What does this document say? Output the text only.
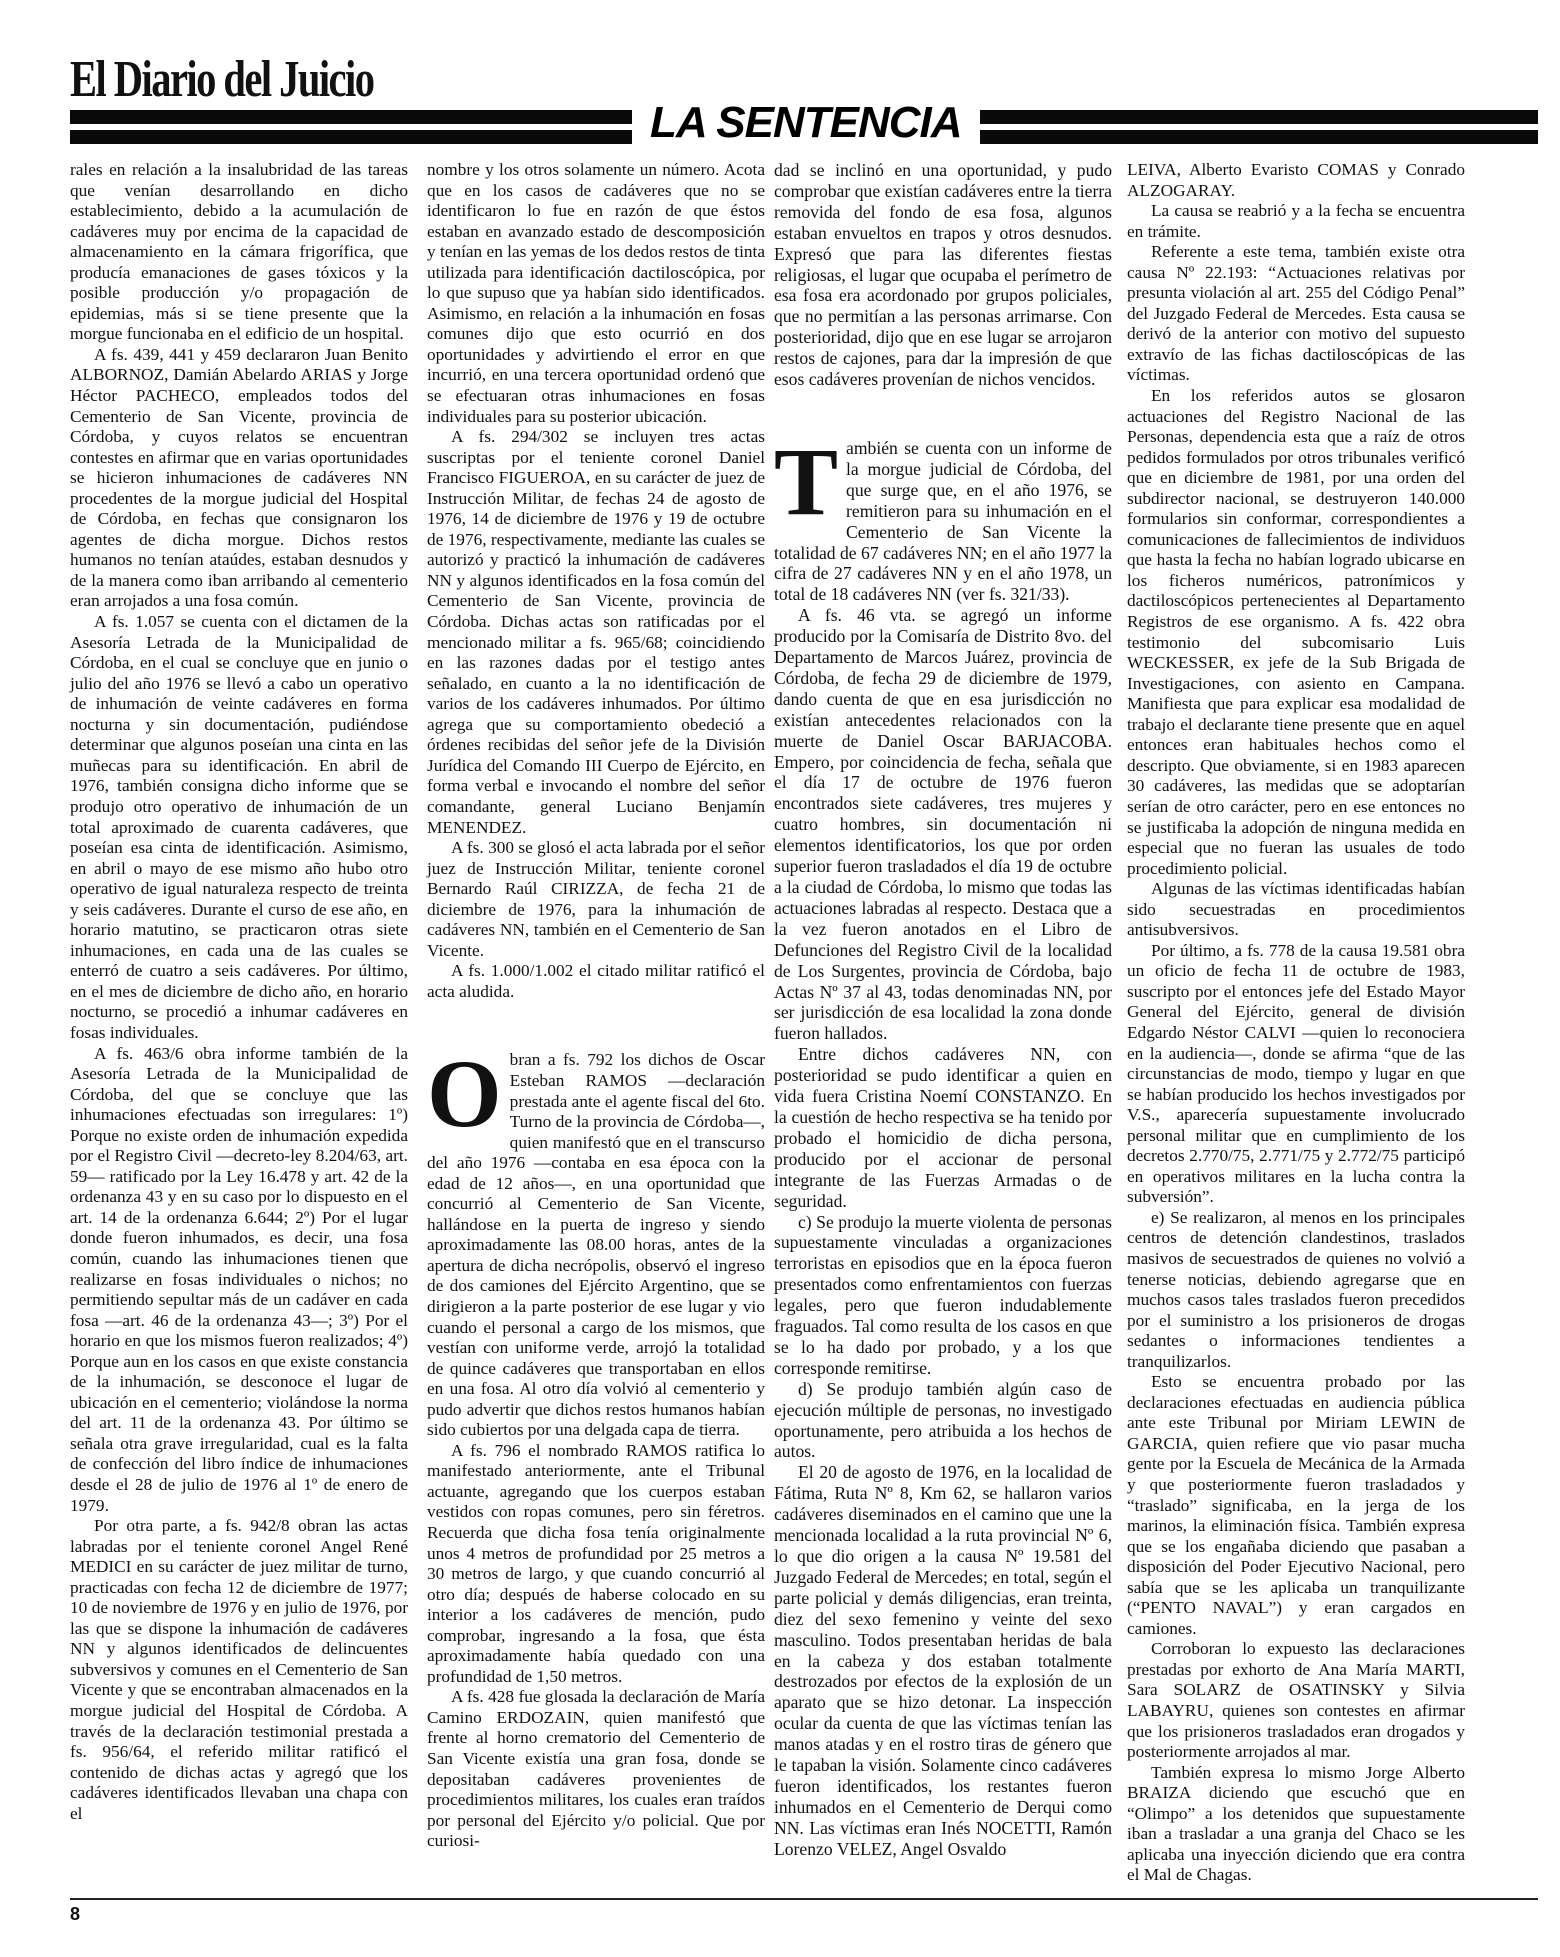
El Diario del Juicio
LA SENTENCIA

rales en relación a la insalubridad de las tareas que venían desarrollando en dicho establecimiento, debido a la acumulación de cadáveres muy por encima de la capacidad de almacenamiento en la cámara frigorífica, que producía emanaciones de gases tóxicos y la posible producción y/o propagación de epidemias, más si se tiene presente que la morgue funcionaba en el edificio de un hospital.

A fs. 439, 441 y 459 declararon Juan Benito ALBORNOZ, Damián Abelardo ARIAS y Jorge Héctor PACHECO, empleados todos del Cementerio de San Vicente, provincia de Córdoba, y cuyos relatos se encuentran contestes en afirmar que en varias oportunidades se hicieron inhumaciones de cadáveres NN procedentes de la morgue judicial del Hospital de Córdoba, en fechas que consignaron los agentes de dicha morgue. Dichos restos humanos no tenían ataúdes, estaban desnudos y de la manera como iban arribando al cementerio eran arrojados a una fosa común.

A fs. 1.057 se cuenta con el dictamen de la Asesoría Letrada de la Municipalidad de Córdoba, en el cual se concluye que en junio o julio del año 1976 se llevó a cabo un operativo de inhumación de veinte cadáveres en forma nocturna y sin documentación, pudiéndose determinar que algunos poseían una cinta en las muñecas para su identificación. En abril de 1976, también consigna dicho informe que se produjo otro operativo de inhumación de un total aproximado de cuarenta cadáveres, que poseían esa cinta de identificación. Asimismo, en abril o mayo de ese mismo año hubo otro operativo de igual naturaleza respecto de treinta y seis cadáveres. Durante el curso de ese año, en horario matutino, se practicaron otras siete inhumaciones, en cada una de las cuales se enterró de cuatro a seis cadáveres. Por último, en el mes de diciembre de dicho año, en horario nocturno, se procedió a inhumar cadáveres en fosas individuales.

A fs. 463/6 obra informe también de la Asesoría Letrada de la Municipalidad de Córdoba, del que se concluye que las inhumaciones efectuadas son irregulares: 1º) Porque no existe orden de inhumación expedida por el Registro Civil —decreto-ley 8.204/63, art. 59— ratificado por la Ley 16.478 y art. 42 de la ordenanza 43 y en su caso por lo dispuesto en el art. 14 de la ordenanza 6.644; 2º) Por el lugar donde fueron inhumados, es decir, una fosa común, cuando las inhumaciones tienen que realizarse en fosas individuales o nichos; no permitiendo sepultar más de un cadáver en cada fosa —art. 46 de la ordenanza 43—; 3º) Por el horario en que los mismos fueron realizados; 4º) Porque aun en los casos en que existe constancia de la inhumación, se desconoce el lugar de ubicación en el cementerio; violándose la norma del art. 11 de la ordenanza 43. Por último se señala otra grave irregularidad, cual es la falta de confección del libro índice de inhumaciones desde el 28 de julio de 1976 al 1º de enero de 1979.

Por otra parte, a fs. 942/8 obran las actas labradas por el teniente coronel Angel René MEDICI en su carácter de juez militar de turno, practicadas con fecha 12 de diciembre de 1977; 10 de noviembre de 1976 y en julio de 1976, por las que se dispone la inhumación de cadáveres NN y algunos identificados de delincuentes subversivos y comunes en el Cementerio de San Vicente y que se encontraban almacenados en la morgue judicial del Hospital de Córdoba. A través de la declaración testimonial prestada a fs. 956/64, el referido militar ratificó el contenido de dichas actas y agregó que los cadáveres identificados llevaban una chapa con el

nombre y los otros solamente un número. Acota que en los casos de cadáveres que no se identificaron lo fue en razón de que éstos estaban en avanzado estado de descomposición y tenían en las yemas de los dedos restos de tinta utilizada para identificación dactiloscópica, por lo que supuso que ya habían sido identificados. Asimismo, en relación a la inhumación en fosas comunes dijo que esto ocurrió en dos oportunidades y advirtiendo el error en que incurrió, en una tercera oportunidad ordenó que se efectuaran otras inhumaciones en fosas individuales para su posterior ubicación.

A fs. 294/302 se incluyen tres actas suscriptas por el teniente coronel Daniel Francisco FIGUEROA, en su carácter de juez de Instrucción Militar, de fechas 24 de agosto de 1976, 14 de diciembre de 1976 y 19 de octubre de 1976, respectivamente, mediante las cuales se autorizó y practicó la inhumación de cadáveres NN y algunos identificados en la fosa común del Cementerio de San Vicente, provincia de Córdoba. Dichas actas son ratificadas por el mencionado militar a fs. 965/68; coincidiendo en las razones dadas por el testigo antes señalado, en cuanto a la no identificación de varios de los cadáveres inhumados. Por último agrega que su comportamiento obedeció a órdenes recibidas del señor jefe de la División Jurídica del Comando III Cuerpo de Ejército, en forma verbal e invocando el nombre del señor comandante, general Luciano Benjamín MENENDEZ.

A fs. 300 se glosó el acta labrada por el señor juez de Instrucción Militar, teniente coronel Bernardo Raúl CIRIZZA, de fecha 21 de diciembre de 1976, para la inhumación de cadáveres NN, también en el Cementerio de San Vicente.

A fs. 1.000/1.002 el citado militar ratificó el acta aludida.

Obran a fs. 792 los dichos de Oscar Esteban RAMOS —declaración prestada ante el agente fiscal del 6to. Turno de la provincia de Córdoba—, quien manifestó que en el transcurso del año 1976 —contaba en esa época con la edad de 12 años—, en una oportunidad que concurrió al Cementerio de San Vicente, hallándose en la puerta de ingreso y siendo aproximadamente las 08.00 horas, antes de la apertura de dicha necrópolis, observó el ingreso de dos camiones del Ejército Argentino, que se dirigieron a la parte posterior de ese lugar y vio cuando el personal a cargo de los mismos, que vestían con uniforme verde, arrojó la totalidad de quince cadáveres que transportaban en ellos en una fosa. Al otro día volvió al cementerio y pudo advertir que dichos restos humanos habían sido cubiertos por una delgada capa de tierra.

A fs. 796 el nombrado RAMOS ratifica lo manifestado anteriormente, ante el Tribunal actuante, agregando que los cuerpos estaban vestidos con ropas comunes, pero sin féretros. Recuerda que dicha fosa tenía originalmente unos 4 metros de profundidad por 25 metros a 30 metros de largo, y que cuando concurrió al otro día; después de haberse colocado en su interior a los cadáveres de mención, pudo comprobar, ingresando a la fosa, que ésta aproximadamente había quedado con una profundidad de 1,50 metros.

A fs. 428 fue glosada la declaración de María Camino ERDOZAIN, quien manifestó que frente al horno crematorio del Cementerio de San Vicente existía una gran fosa, donde se depositaban cadáveres provenientes de procedimientos militares, los cuales eran traídos por personal del Ejército y/o policial. Que por curiosi-

dad se inclinó en una oportunidad, y pudo comprobar que existían cadáveres entre la tierra removida del fondo de esa fosa, algunos estaban envueltos en trapos y otros desnudos. Expresó que para las diferentes fiestas religiosas, el lugar que ocupaba el perímetro de esa fosa era acordonado por grupos policiales, que no permitían a las personas arrimarse. Con posterioridad, dijo que en ese lugar se arrojaron restos de cajones, para dar la impresión de que esos cadáveres provenían de nichos vencidos.

También se cuenta con un informe de la morgue judicial de Córdoba, del que surge que, en el año 1976, se remitieron para su inhumación en el Cementerio de San Vicente la totalidad de 67 cadáveres NN; en el año 1977 la cifra de 27 cadáveres NN y en el año 1978, un total de 18 cadáveres NN (ver fs. 321/33).

A fs. 46 vta. se agregó un informe producido por la Comisaría de Distrito 8vo. del Departamento de Marcos Juárez, provincia de Córdoba, de fecha 29 de diciembre de 1979, dando cuenta de que en esa jurisdicción no existían antecedentes relacionados con la muerte de Daniel Oscar BARJACOBA. Empero, por coincidencia de fecha, señala que el día 17 de octubre de 1976 fueron encontrados siete cadáveres, tres mujeres y cuatro hombres, sin documentación ni elementos identificatorios, los que por orden superior fueron trasladados el día 19 de octubre a la ciudad de Córdoba, lo mismo que todas las actuaciones labradas al respecto. Destaca que a la vez fueron anotados en el Libro de Defunciones del Registro Civil de la localidad de Los Surgentes, provincia de Córdoba, bajo Actas Nº 37 al 43, todas denominadas NN, por ser jurisdicción de esa localidad la zona donde fueron hallados.

Entre dichos cadáveres NN, con posterioridad se pudo identificar a quien en vida fuera Cristina Noemí CONSTANZO. En la cuestión de hecho respectiva se ha tenido por probado el homicidio de dicha persona, producido por el accionar de personal integrante de las Fuerzas Armadas o de seguridad.

c) Se produjo la muerte violenta de personas supuestamente vinculadas a organizaciones terroristas en episodios que en la época fueron presentados como enfrentamientos con fuerzas legales, pero que fueron indudablemente fraguados. Tal como resulta de los casos en que se lo ha dado por probado, y a los que corresponde remitirse.

d) Se produjo también algún caso de ejecución múltiple de personas, no investigado oportunamente, pero atribuida a los hechos de autos.

El 20 de agosto de 1976, en la localidad de Fátima, Ruta Nº 8, Km 62, se hallaron varios cadáveres diseminados en el camino que une la mencionada localidad a la ruta provincial Nº 6, lo que dio origen a la causa Nº 19.581 del Juzgado Federal de Mercedes; en total, según el parte policial y demás diligencias, eran treinta, diez del sexo femenino y veinte del sexo masculino. Todos presentaban heridas de bala en la cabeza y dos estaban totalmente destrozados por efectos de la explosión de un aparato que se hizo detonar. La inspección ocular da cuenta de que las víctimas tenían las manos atadas y en el rostro tiras de género que le tapaban la visión. Solamente cinco cadáveres fueron identificados, los restantes fueron inhumados en el Cementerio de Derqui como NN. Las víctimas eran Inés NOCETTI, Ramón Lorenzo VELEZ, Angel Osvaldo

LEIVA, Alberto Evaristo COMAS y Conrado ALZOGARAY.

La causa se reabrió y a la fecha se encuentra en trámite.

Referente a este tema, también existe otra causa Nº 22.193: “Actuaciones relativas por presunta violación al art. 255 del Código Penal” del Juzgado Federal de Mercedes. Esta causa se derivó de la anterior con motivo del supuesto extravío de las fichas dactiloscópicas de las víctimas.

En los referidos autos se glosaron actuaciones del Registro Nacional de las Personas, dependencia esta que a raíz de otros pedidos formulados por otros tribunales verificó que en diciembre de 1981, por una orden del subdirector nacional, se destruyeron 140.000 formularios sin conformar, correspondientes a comunicaciones de fallecimientos de individuos que hasta la fecha no habían logrado ubicarse en los ficheros numéricos, patronímicos y dactiloscópicos pertenecientes al Departamento Registros de ese organismo. A fs. 422 obra testimonio del subcomisario Luis WECKESSER, ex jefe de la Sub Brigada de Investigaciones, con asiento en Campana. Manifiesta que para explicar esa modalidad de trabajo el declarante tiene presente que en aquel entonces eran habituales hechos como el descripto. Que obviamente, si en 1983 aparecen 30 cadáveres, las medidas que se adoptarían serían de otro carácter, pero en ese entonces no se justificaba la adopción de ninguna medida en especial que no fueran las usuales de todo procedimiento policial.

Algunas de las víctimas identificadas habían sido secuestradas en procedimientos antisubversivos.

Por último, a fs. 778 de la causa 19.581 obra un oficio de fecha 11 de octubre de 1983, suscripto por el entonces jefe del Estado Mayor General del Ejército, general de división Edgardo Néstor CALVI —quien lo reconociera en la audiencia—, donde se afirma “que de las circunstancias de modo, tiempo y lugar en que se habían producido los hechos investigados por V.S., aparecería supuestamente involucrado personal militar que en cumplimiento de los decretos 2.770/75, 2.771/75 y 2.772/75 participó en operativos militares en la lucha contra la subversión”.

e) Se realizaron, al menos en los principales centros de detención clandestinos, traslados masivos de secuestrados de quienes no volvió a tenerse noticias, debiendo agregarse que en muchos casos tales traslados fueron precedidos por el suministro a los prisioneros de drogas sedantes o informaciones tendientes a tranquilizarlos.

Esto se encuentra probado por las declaraciones efectuadas en audiencia pública ante este Tribunal por Miriam LEWIN de GARCIA, quien refiere que vio pasar mucha gente por la Escuela de Mecánica de la Armada y que posteriormente fueron trasladados y “traslado” significaba, en la jerga de los marinos, la eliminación física. También expresa que se los engañaba diciendo que pasaban a disposición del Poder Ejecutivo Nacional, pero sabía que se les aplicaba un tranquilizante (“PENTO NAVAL”) y eran cargados en camiones.

Corroboran lo expuesto las declaraciones prestadas por exhorto de Ana María MARTI, Sara SOLARZ de OSATINSKY y Silvia LABAYRU, quienes son contestes en afirmar que los prisioneros trasladados eran drogados y posteriormente arrojados al mar.

También expresa lo mismo Jorge Alberto BRAIZA diciendo que escuchó que en “Olimpo” a los detenidos que supuestamente iban a trasladar a una granja del Chaco se les aplicaba una inyección diciendo que era contra el Mal de Chagas.

8
